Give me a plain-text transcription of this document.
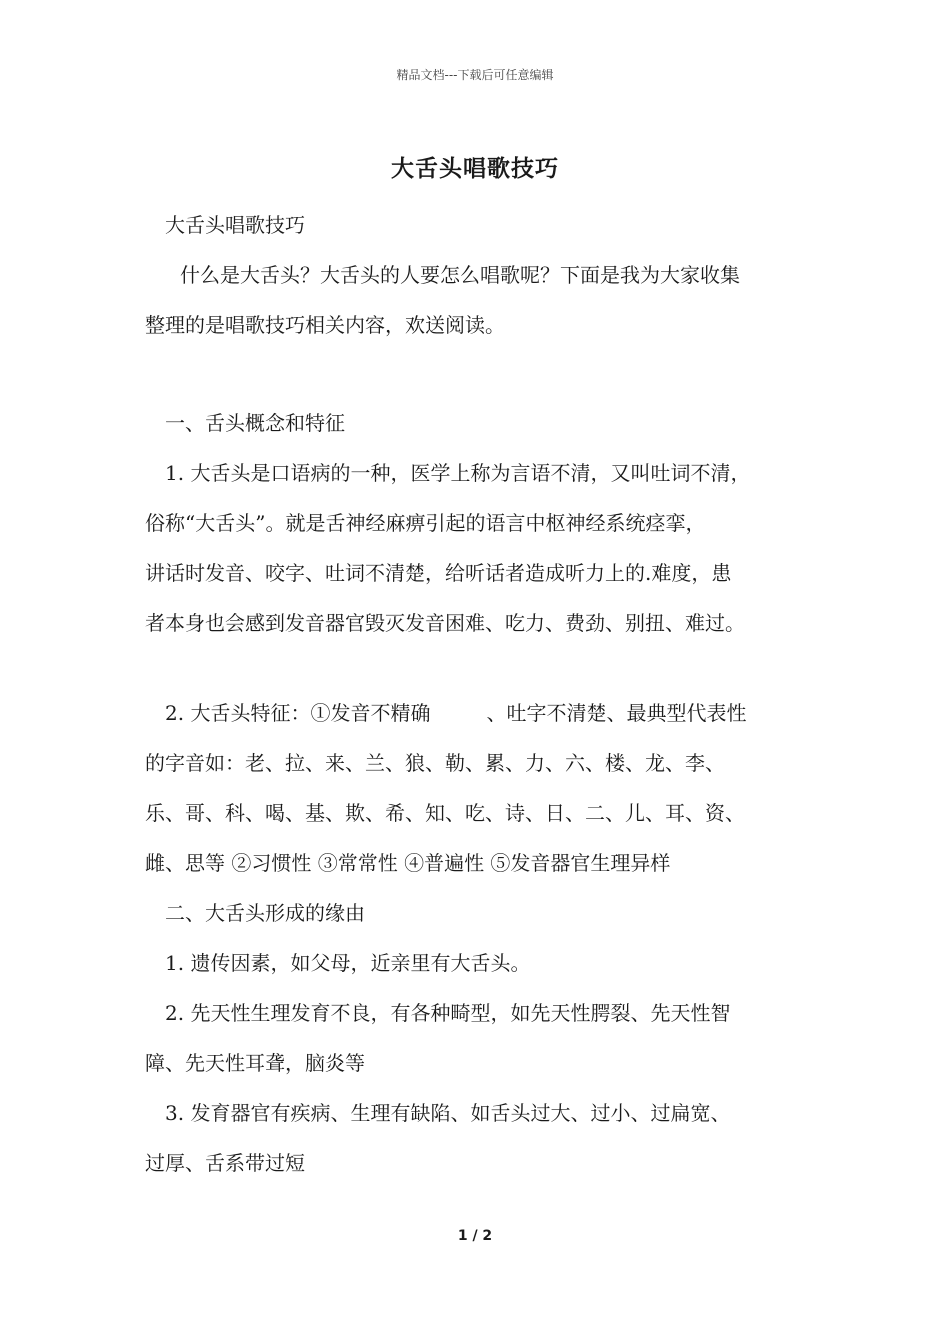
精品文档---下载后可任意编辑
大舌头唱歌技巧
大舌头唱歌技巧
什么是大舌头？大舌头的人要怎么唱歌呢？下面是我为大家收集
整理的是唱歌技巧相关内容，欢送阅读。
一、舌头概念和特征
1. 大舌头是口语病的一种，医学上称为言语不清，又叫吐词不清，
俗称“大舌头”。就是舌神经麻痹引起的语言中枢神经系统痉挛，
讲话时发音、咬字、吐词不清楚，给听话者造成听力上的.难度，患
者本身也会感到发音器官毁灭发音困难、吃力、费劲、别扭、难过。
2. 大舌头特征：①发音不精确	、吐字不清楚、最典型代表性
的字音如：老、拉、来、兰、狼、勒、累、力、六、楼、龙、李、
乐、哥、科、喝、基、欺、希、知、吃、诗、日、二、儿、耳、资、
雌、思等 ②习惯性 ③常常性 ④普遍性 ⑤发音器官生理异样
二、大舌头形成的缘由
1. 遗传因素，如父母，近亲里有大舌头。
2. 先天性生理发育不良，有各种畸型，如先天性腭裂、先天性智
障、先天性耳聋，脑炎等
3. 发育器官有疾病、生理有缺陷、如舌头过大、过小、过扁宽、
过厚、舌系带过短
1 / 2
